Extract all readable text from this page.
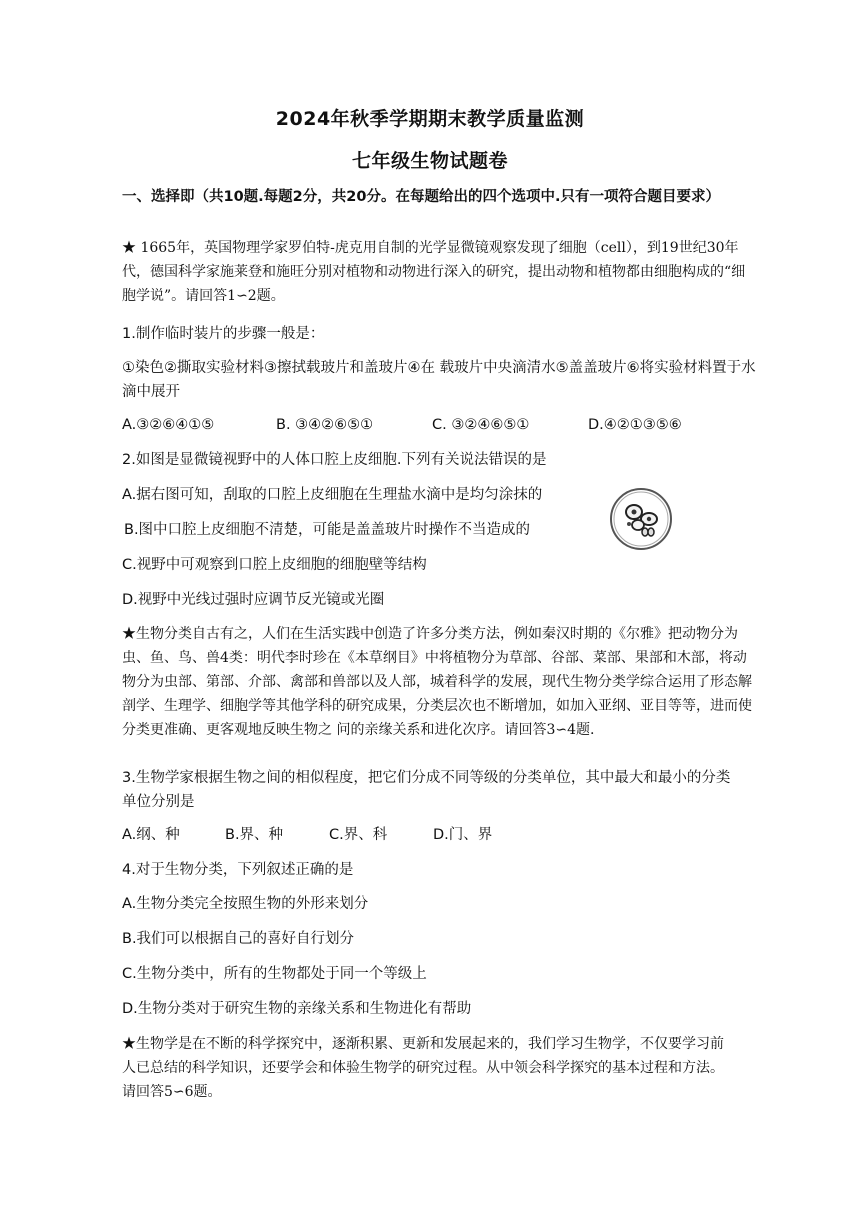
2024年秋季学期期末教学质量监测
七年级生物试题卷
一、选择即（共10题.每题2分，共20分。在每题给出的四个选项中.只有一项符合题目要求）
★ 1665年，英国物理学家罗伯特-虎克用自制的光学显微镜观察发现了细胞（cell），到19世纪30年代，德国科学家施莱登和施旺分别对植物和动物进行深入的研究，提出动物和植物都由细胞构成的“细胞学说”。请回答1∽2题。
1.制作临时装片的步骤一般是：
①染色②撕取实验材料③擦拭载玻片和盖玻片④在 载玻片中央滴清水⑤盖盖玻片⑥将实验材料置于水滴中展开
A.③②⑥④①⑤	B. ③④②⑥⑤①	C. ③②④⑥⑤①	D.④②①③⑤⑥
2.如图是显微镜视野中的人体口腔上皮细胞.下列有关说法错误的是
A.据右图可知，刮取的口腔上皮细胞在生理盐水滴中是均匀涂抹的
B.图中口腔上皮细胞不清楚，可能是盖盖玻片时操作不当造成的
C.视野中可观察到口腔上皮细胞的细胞壁等结构
D.视野中光线过强时应调节反光镜或光圈
★生物分类自古有之，人们在生活实践中创造了许多分类方法，例如秦汉时期的《尔雅》把动物分为虫、鱼、鸟、兽4类：明代李时珍在《本草纲目》中将植物分为草部、谷部、菜部、果部和木部，将动物分为虫部、第部、介部、禽部和兽部以及人部，城着科学的发展，现代生物分类学综合运用了形态解剖学、生理学、细胞学等其他学科的研究成果，分类层次也不断增加，如加入亚纲、亚目等等，进而使分类更准确、更客观地反映生物之 问的亲缘关系和进化次序。请回答3∽4题.
3.生物学家根据生物之间的相似程度，把它们分成不同等级的分类单位，其中最大和最小的分类单位分别是
A.纲、种	B.界、种	C.界、科	D.门、界
4.对于生物分类，下列叙述正确的是
A.生物分类完全按照生物的外形来划分
B.我们可以根据自己的喜好自行划分
C.生物分类中，所有的生物都处于同一个等级上
D.生物分类对于研究生物的亲缘关系和生物进化有帮助
★生物学是在不断的科学探究中，逐渐积累、更新和发展起来的，我们学习生物学，不仅要学习前人已总结的科学知识，还要学会和体验生物学的研究过程。从中领会科学探究的基本过程和方法。请回答5∽6题。
